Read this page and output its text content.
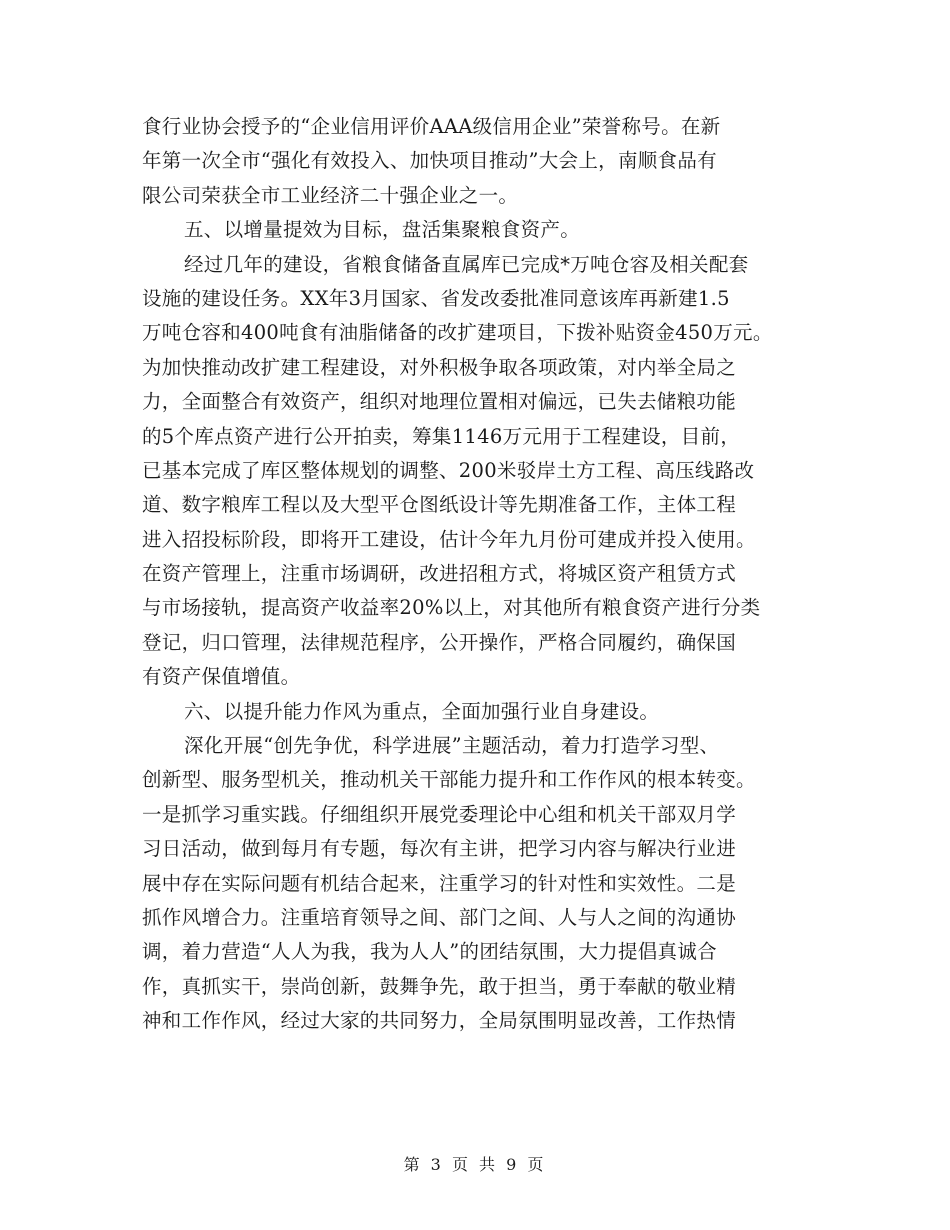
食行业协会授予的“企业信用评价AAA级信用企业”荣誉称号。在新
年第一次全市“强化有效投入、加快项目推动”大会上，南顺食品有
限公司荣获全市工业经济二十强企业之一。
五、以增量提效为目标，盘活集聚粮食资产。
经过几年的建设，省粮食储备直属库已完成*万吨仓容及相关配套
设施的建设任务。XX年3月国家、省发改委批准同意该库再新建1.5
万吨仓容和400吨食有油脂储备的改扩建项目，下拨补贴资金450万元。
为加快推动改扩建工程建设，对外积极争取各项政策，对内举全局之
力，全面整合有效资产，组织对地理位置相对偏远，已失去储粮功能
的5个库点资产进行公开拍卖，筹集1146万元用于工程建设，目前，
已基本完成了库区整体规划的调整、200米驳岸土方工程、高压线路改
道、数字粮库工程以及大型平仓图纸设计等先期准备工作，主体工程
进入招投标阶段，即将开工建设，估计今年九月份可建成并投入使用。
在资产管理上，注重市场调研，改进招租方式，将城区资产租赁方式
与市场接轨，提高资产收益率20%以上，对其他所有粮食资产进行分类
登记，归口管理，法律规范程序，公开操作，严格合同履约，确保国
有资产保值增值。
六、以提升能力作风为重点，全面加强行业自身建设。
深化开展“创先争优，科学进展”主题活动，着力打造学习型、
创新型、服务型机关，推动机关干部能力提升和工作作风的根本转变。
一是抓学习重实践。仔细组织开展党委理论中心组和机关干部双月学
习日活动，做到每月有专题，每次有主讲，把学习内容与解决行业进
展中存在实际问题有机结合起来，注重学习的针对性和实效性。二是
抓作风增合力。注重培育领导之间、部门之间、人与人之间的沟通协
调，着力营造“人人为我，我为人人”的团结氛围，大力提倡真诚合
作，真抓实干，崇尚创新，鼓舞争先，敢于担当，勇于奉献的敬业精
神和工作作风，经过大家的共同努力，全局氛围明显改善，工作热情
第 3 页 共 9 页
